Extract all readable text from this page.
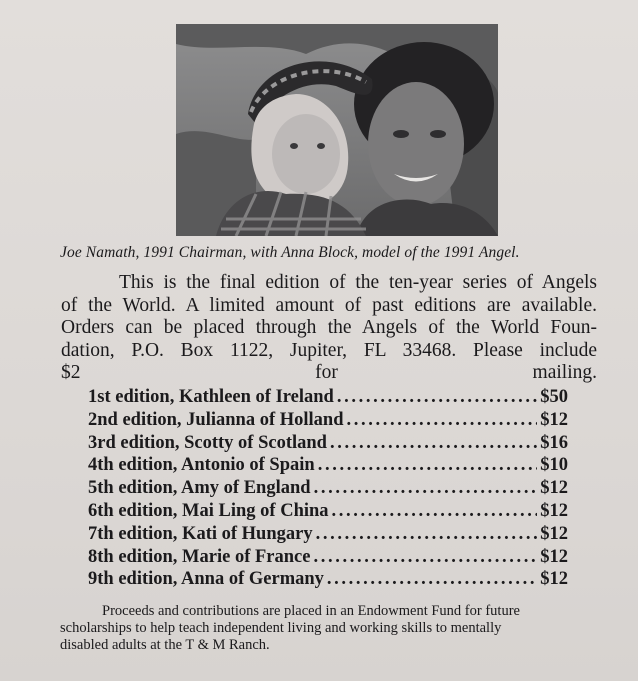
Joe Namath, 1991 Chairman, with Anna Block, model of the 1991 Angel.
This is the final edition of the ten-year series of Angels
of the World. A limited amount of past editions are available.
Orders can be placed through the Angels of the World Foun-
dation, P.O. Box 1122, Jupiter, FL 33468. Please include
$2	for	mailing.
1st edition, Kathleen of Ireland . . .	$50
2nd edition, Julianna of Holland . . .	$12
3rd edition, Scotty of Scotland . . .	$16
4th edition, Antonio of Spain . . .	$10
5th edition, Amy of England . . .	$12
6th edition, Mai Ling of China . . .	$12
7th edition, Kati of Hungary . . .	$12
8th edition, Marie of France . . .	$12
9th edition, Anna of Germany . . .	$12
Proceeds and contributions are placed in an Endowment Fund for future
scholarships to help teach independent living and working skills to mentally
disabled adults at the T & M Ranch.
